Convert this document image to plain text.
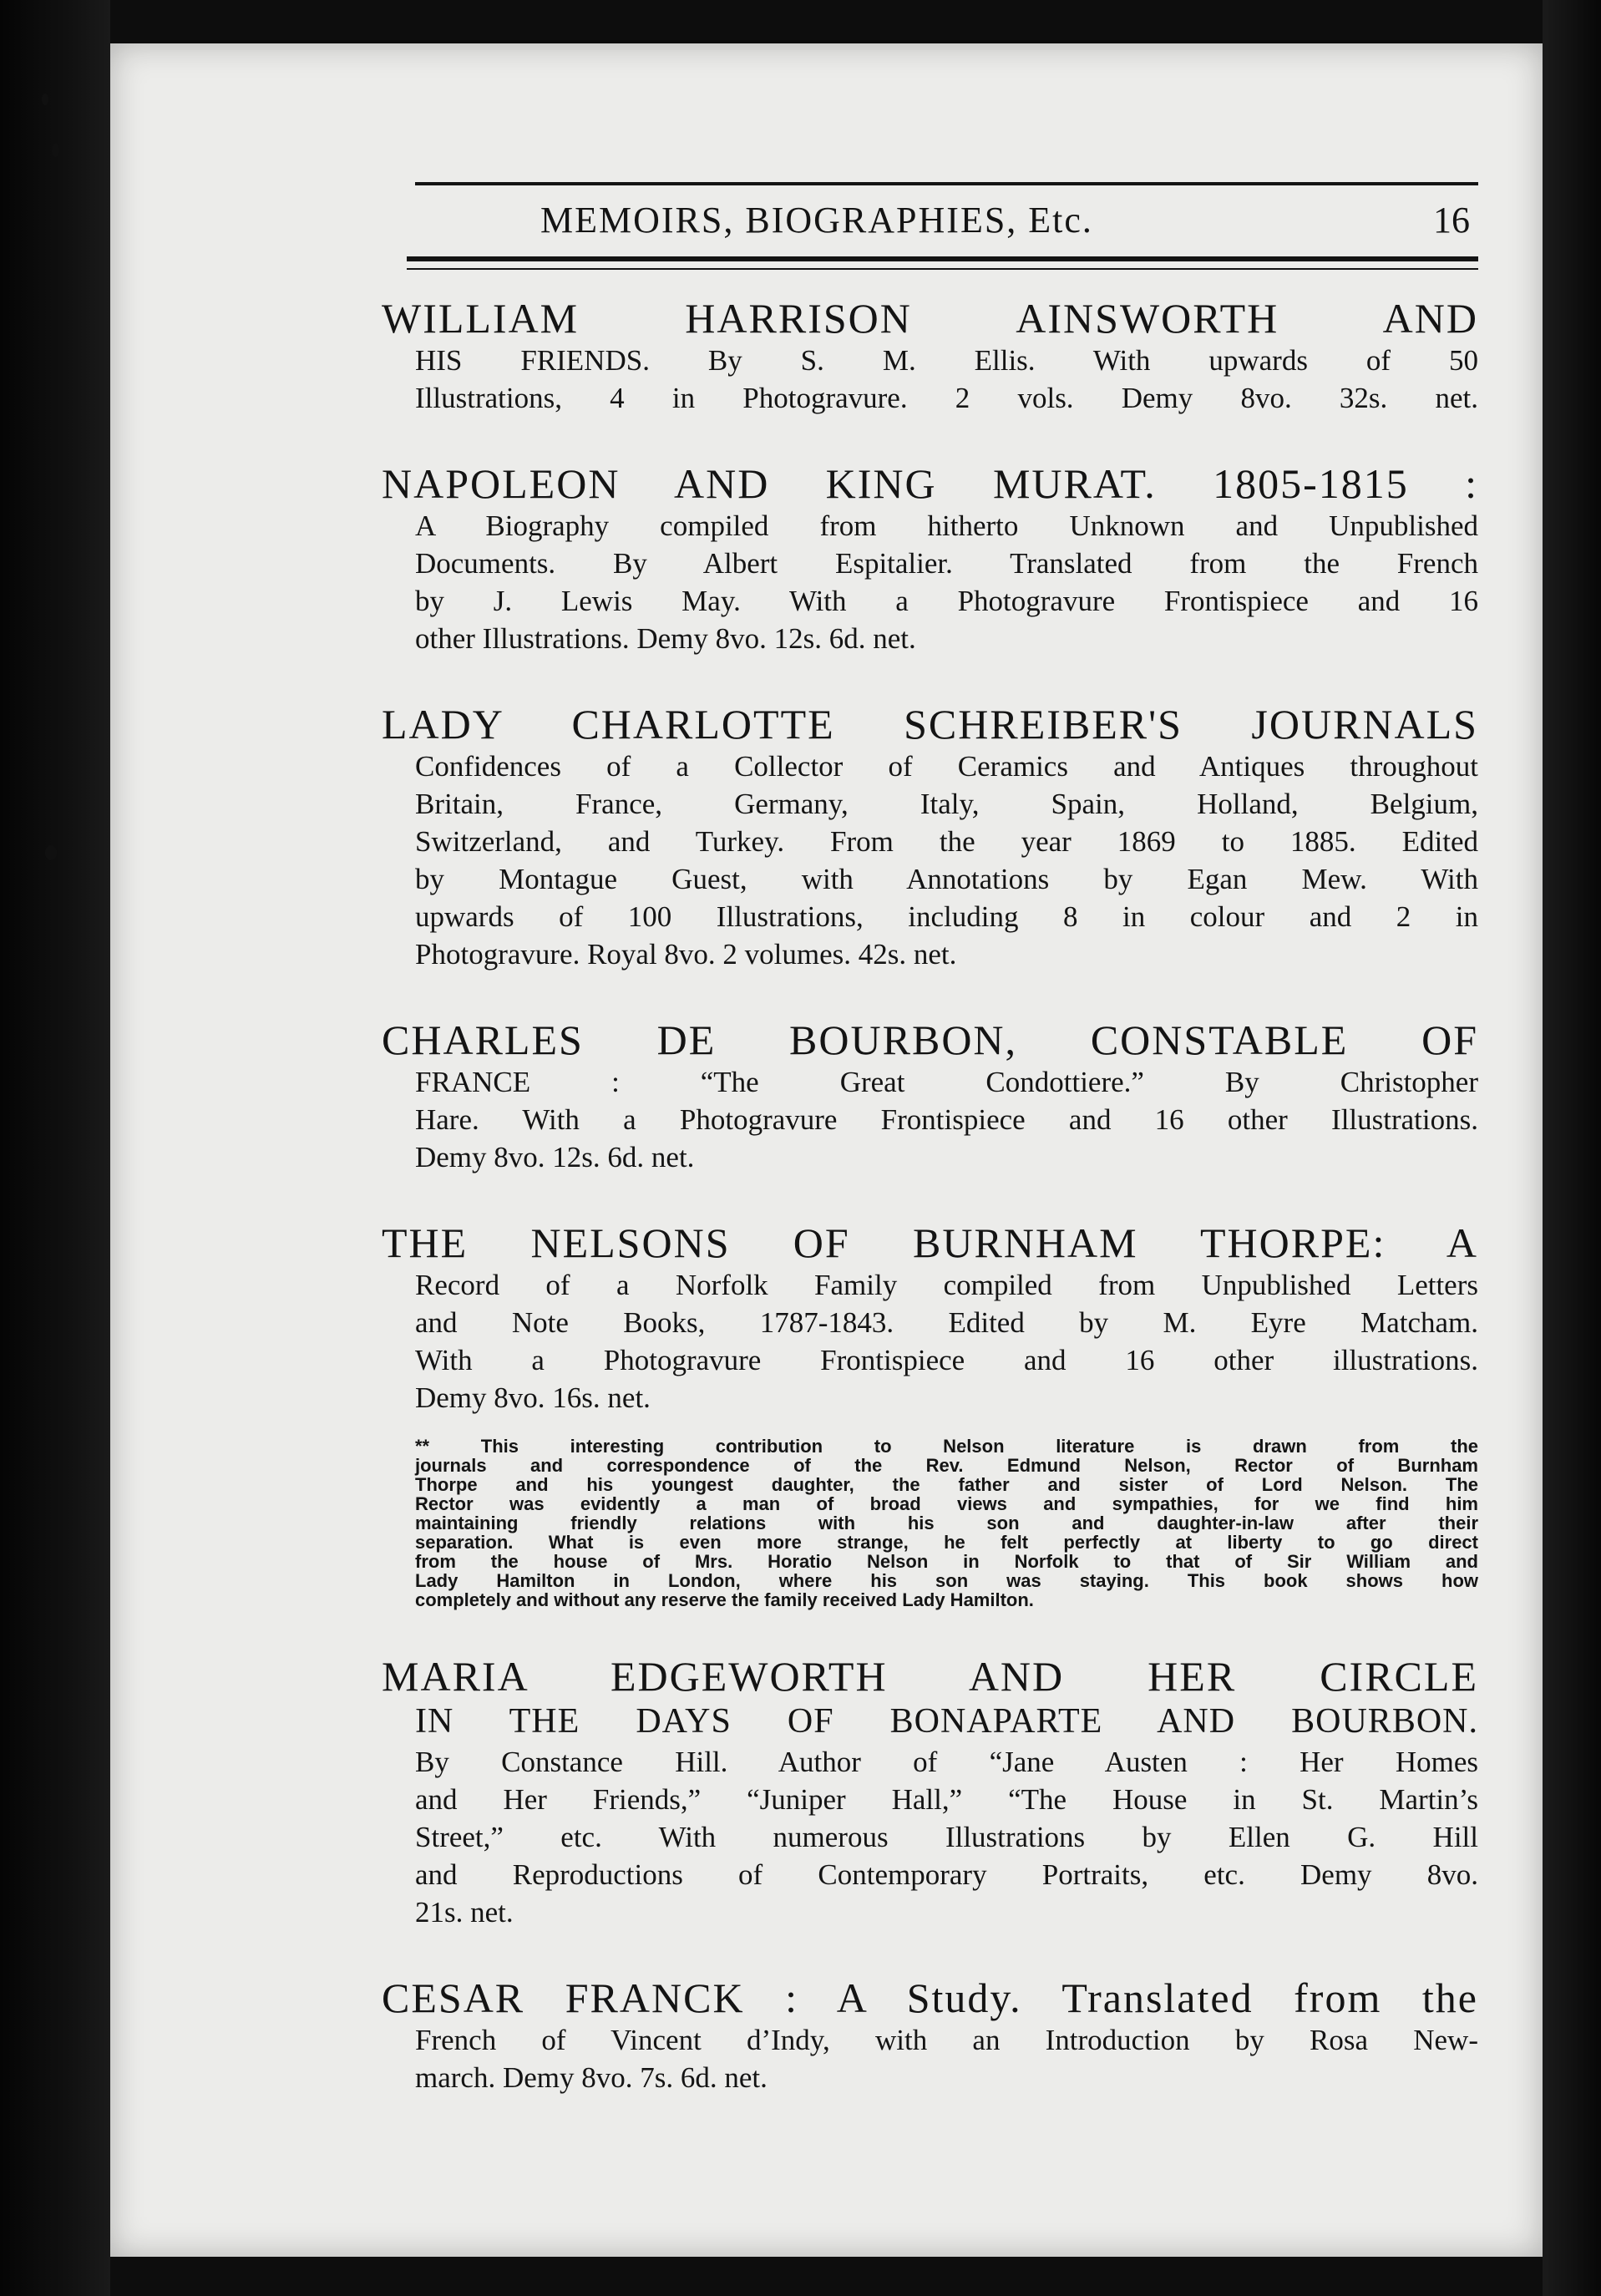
MEMOIRS, BIOGRAPHIES, Etc.	16
WILLIAM HARRISON AINSWORTH AND
HIS FRIENDS. By S. M. Ellis. With upwards of 50
Illustrations, 4 in Photogravure. 2 vols. Demy 8vo. 32s. net.
NAPOLEON AND KING MURAT. 1805-1815 :
A Biography compiled from hitherto Unknown and Unpublished
Documents. By Albert Espitalier. Translated from the French
by J. Lewis May. With a Photogravure Frontispiece and 16
other Illustrations. Demy 8vo. 12s. 6d. net.
LADY CHARLOTTE SCHREIBER'S JOURNALS
Confidences of a Collector of Ceramics and Antiques throughout
Britain, France, Germany, Italy, Spain, Holland, Belgium,
Switzerland, and Turkey. From the year 1869 to 1885. Edited
by Montague Guest, with Annotations by Egan Mew. With
upwards of 100 Illustrations, including 8 in colour and 2 in
Photogravure. Royal 8vo. 2 volumes. 42s. net.
CHARLES DE BOURBON, CONSTABLE OF
FRANCE : “The Great Condottiere.” By Christopher
Hare. With a Photogravure Frontispiece and 16 other Illustrations.
Demy 8vo. 12s. 6d. net.
THE NELSONS OF BURNHAM THORPE: A
Record of a Norfolk Family compiled from Unpublished Letters
and Note Books, 1787-1843. Edited by M. Eyre Matcham.
With a Photogravure Frontispiece and 16 other illustrations.
Demy 8vo. 16s. net.
*⁢* This interesting contribution to Nelson literature is drawn from the
journals and correspondence of the Rev. Edmund Nelson, Rector of Burnham
Thorpe and his youngest daughter, the father and sister of Lord Nelson. The
Rector was evidently a man of broad views and sympathies, for we find him
maintaining friendly relations with his son and daughter-in-law after their
separation. What is even more strange, he felt perfectly at liberty to go direct
from the house of Mrs. Horatio Nelson in Norfolk to that of Sir William and
Lady Hamilton in London, where his son was staying. This book shows how
completely and without any reserve the family received Lady Hamilton.
MARIA EDGEWORTH AND HER CIRCLE
IN THE DAYS OF BONAPARTE AND BOURBON.
By Constance Hill. Author of “Jane Austen : Her Homes
and Her Friends,” “Juniper Hall,” “The House in St. Martin’s
Street,” etc. With numerous Illustrations by Ellen G. Hill
and Reproductions of Contemporary Portraits, etc. Demy 8vo.
21s. net.
CESAR FRANCK : A Study. Translated from the
French of Vincent d’Indy, with an Introduction by Rosa New-
march. Demy 8vo. 7s. 6d. net.
